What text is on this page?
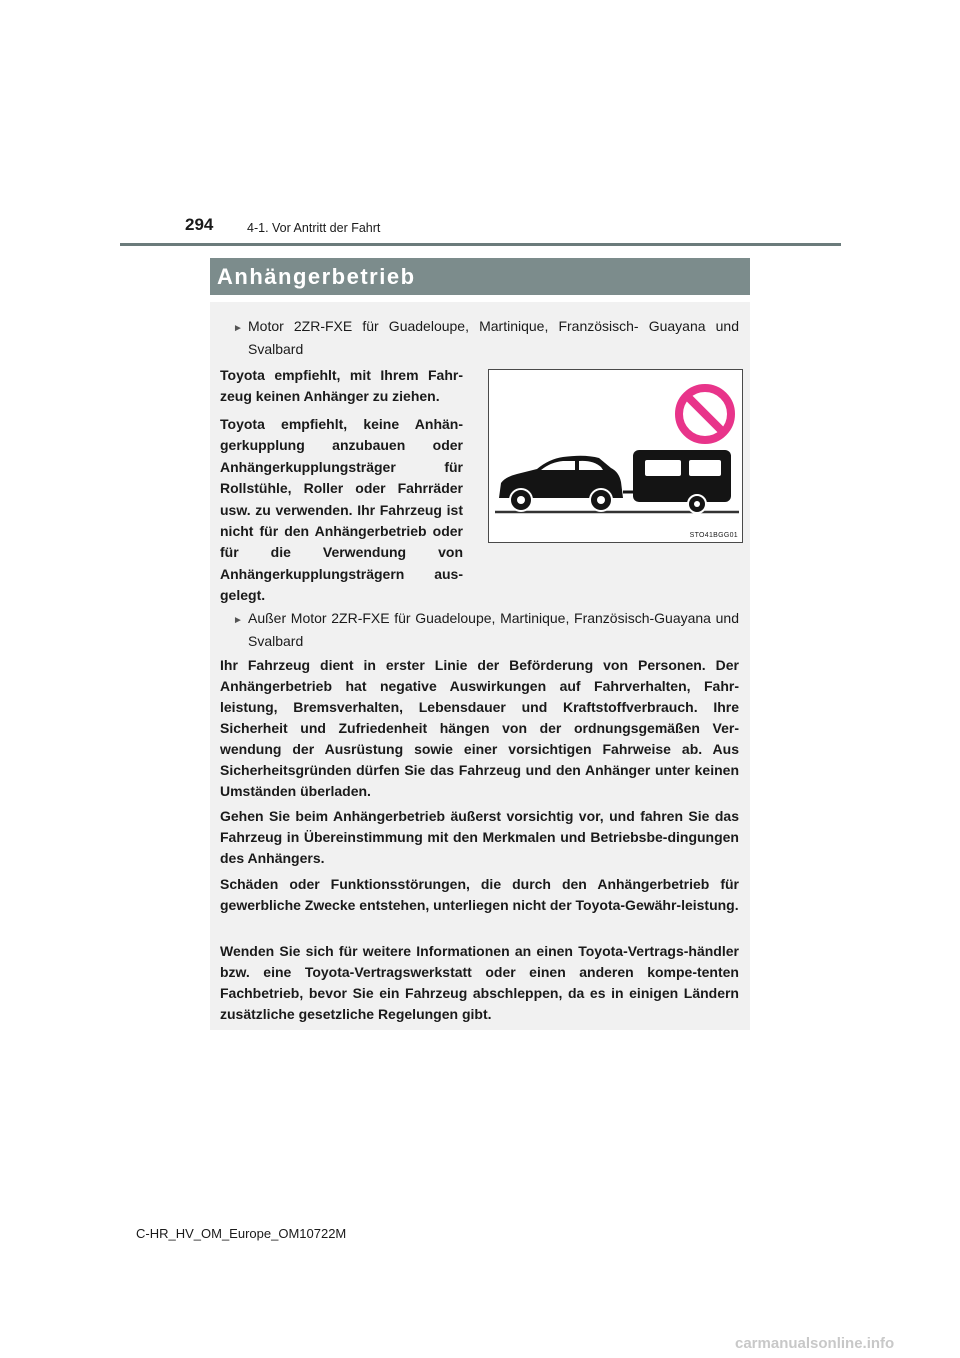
294	4-1. Vor Antritt der Fahrt
Anhängerbetrieb
► Motor 2ZR-FXE für Guadeloupe, Martinique, Französisch- Guayana und Svalbard
Toyota empfiehlt, mit Ihrem Fahr-zeug keinen Anhänger zu ziehen.
Toyota empfiehlt, keine Anhän-gerkupplung anzubauen oder Anhängerkupplungsträger für Rollstühle, Roller oder Fahrräder usw. zu verwenden. Ihr Fahrzeug ist nicht für den Anhängerbetrieb oder für die Verwendung von Anhängerkupplungsträgern aus-gelegt.
STO41BGG01
► Außer Motor 2ZR-FXE für Guadeloupe, Martinique, Französisch-Guayana und Svalbard
Ihr Fahrzeug dient in erster Linie der Beförderung von Personen. Der Anhängerbetrieb hat negative Auswirkungen auf Fahrverhalten, Fahr-leistung, Bremsverhalten, Lebensdauer und Kraftstoffverbrauch. Ihre Sicherheit und Zufriedenheit hängen von der ordnungsgemäßen Ver-wendung der Ausrüstung sowie einer vorsichtigen Fahrweise ab. Aus Sicherheitsgründen dürfen Sie das Fahrzeug und den Anhänger unter keinen Umständen überladen.
Gehen Sie beim Anhängerbetrieb äußerst vorsichtig vor, und fahren Sie das Fahrzeug in Übereinstimmung mit den Merkmalen und Betriebsbe-dingungen des Anhängers.
Schäden oder Funktionsstörungen, die durch den Anhängerbetrieb für gewerbliche Zwecke entstehen, unterliegen nicht der Toyota-Gewähr-leistung.
Wenden Sie sich für weitere Informationen an einen Toyota-Vertrags-händler bzw. eine Toyota-Vertragswerkstatt oder einen anderen kompe-tenten Fachbetrieb, bevor Sie ein Fahrzeug abschleppen, da es in einigen Ländern zusätzliche gesetzliche Regelungen gibt.
C-HR_HV_OM_Europe_OM10722M
carmanualsonline.info
